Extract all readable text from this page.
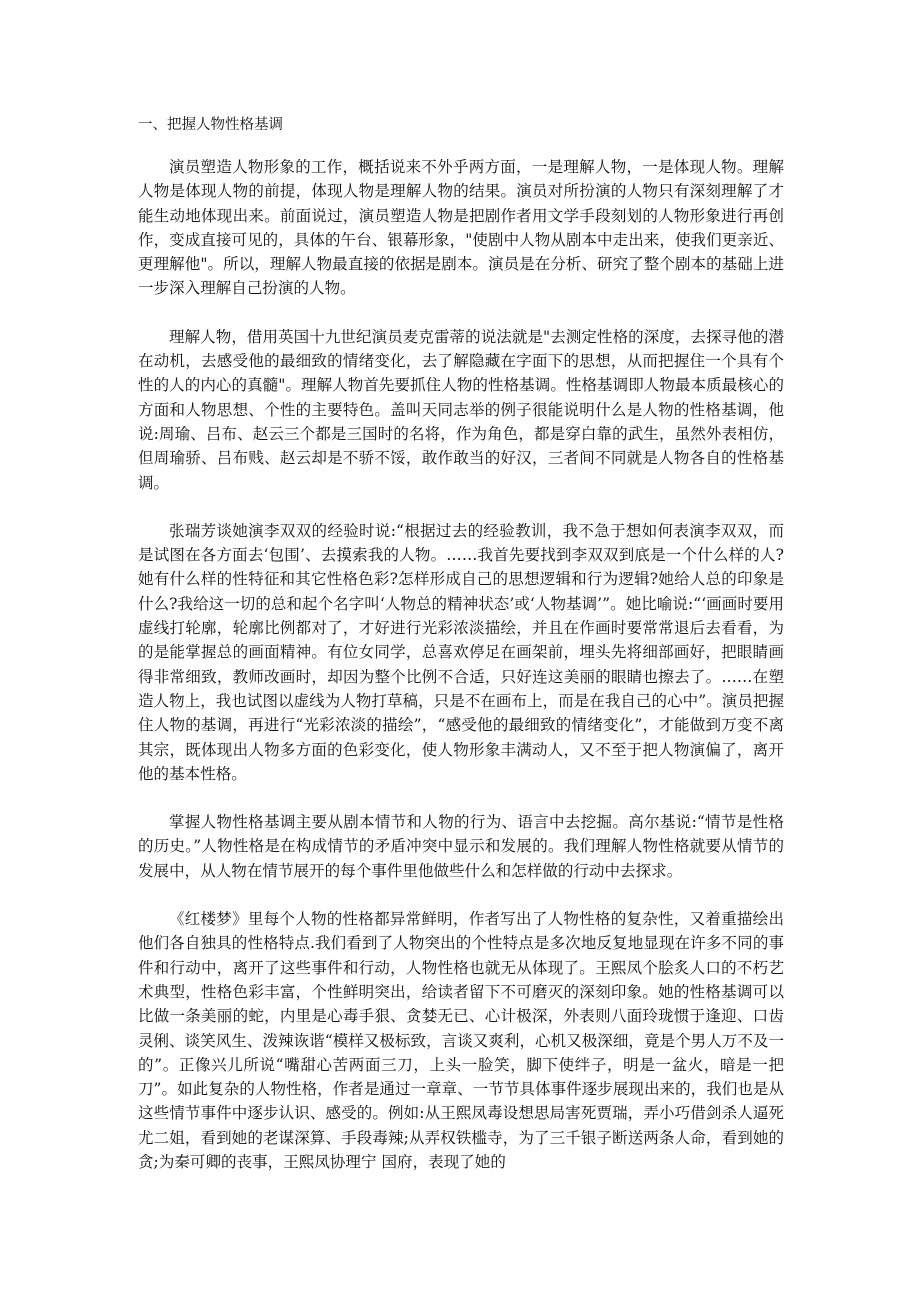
一、把握人物性格基调

演员塑造人物形象的工作，概括说来不外乎两方面，一是理解人物，一是体现人物。理解人物是体现人物的前提，体现人物是理解人物的结果。演员对所扮演的人物只有深刻理解了才能生动地体现出来。前面说过，演员塑造人物是把剧作者用文学手段刻划的人物形象进行再创作，变成直接可见的，具体的午台、银幕形象，"使剧中人物从剧本中走出来，使我们更亲近、更理解他"。所以，理解人物最直接的依据是剧本。演员是在分析、研究了整个剧本的基础上进一步深入理解自己扮演的人物。

理解人物，借用英国十九世纪演员麦克雷蒂的说法就是"去测定性格的深度，去探寻他的潜在动机，去感受他的最细致的情绪变化，去了解隐藏在字面下的思想，从而把握住一个具有个性的人的内心的真髓"。理解人物首先要抓住人物的性格基调。性格基调即人物最本质最核心的方面和人物思想、个性的主要特色。盖叫天同志举的例子很能说明什么是人物的性格基调，他说:周瑜、吕布、赵云三个都是三国时的名将，作为角色，都是穿白靠的武生，虽然外表相仿，但周瑜骄、吕布贱、赵云却是不骄不馁，敢作敢当的好汉，三者间不同就是人物各自的性格基调。

张瑞芳谈她演李双双的经验时说:“根据过去的经验教训，我不急于想如何表演李双双，而是试图在各方面去‘包围’、去摸索我的人物。……我首先要找到李双双到底是一个什么样的人?她有什么样的性特征和其它性格色彩?怎样形成自己的思想逻辑和行为逻辑?她给人总的印象是什么?我给这一切的总和起个名字叫‘人物总的精神状态’或‘人物基调’”。她比喻说:“‘画画时要用虚线打轮廓，轮廓比例都对了，才好进行光彩浓淡描绘，并且在作画时要常常退后去看看，为的是能掌握总的画面精神。有位女同学，总喜欢停足在画架前，埋头先将细部画好，把眼睛画得非常细致，教师改画时，却因为整个比例不合适，只好连这美丽的眼睛也擦去了。……在塑造人物上，我也试图以虚线为人物打草稿，只是不在画布上，而是在我自己的心中”。演员把握住人物的基调，再进行“光彩浓淡的描绘”，“感受他的最细致的情绪变化”，才能做到万变不离其宗，既体现出人物多方面的色彩变化，使人物形象丰满动人，又不至于把人物演偏了，离开他的基本性格。

掌握人物性格基调主要从剧本情节和人物的行为、语言中去挖掘。高尔基说:“情节是性格的历史。”人物性格是在构成情节的矛盾冲突中显示和发展的。我们理解人物性格就要从情节的发展中，从人物在情节展开的每个事件里他做些什么和怎样做的行动中去探求。

《红楼梦》里每个人物的性格都异常鲜明，作者写出了人物性格的复杂性，又着重描绘出他们各自独具的性格特点.我们看到了人物突出的个性特点是多次地反复地显现在许多不同的事件和行动中，离开了这些事件和行动，人物性格也就无从体现了。王熙凤个脍炙人口的不朽艺术典型，性格色彩丰富，个性鲜明突出，给读者留下不可磨灭的深刻印象。她的性格基调可以比做一条美丽的蛇，内里是心毒手狠、贪婪无已、心计极深，外表则八面玲珑惯于逢迎、口齿灵俐、谈笑风生、泼辣诙谐“模样又极标致，言谈又爽利，心机又极深细，竟是个男人万不及一的”。正像兴儿所说“嘴甜心苦两面三刀，上头一脸笑，脚下使绊子，明是一盆火，暗是一把刀”。如此复杂的人物性格，作者是通过一章章、一节节具体事件逐步展现出来的，我们也是从这些情节事件中逐步认识、感受的。例如:从王熙凤毒设想思局害死贾瑞，弄小巧借剑杀人逼死尤二姐，看到她的老谋深算、手段毒辣;从弄权铁槛寺，为了三千银子断送两条人命，看到她的贪;为秦可卿的丧事，王熙凤协理宁 国府，表现了她的
